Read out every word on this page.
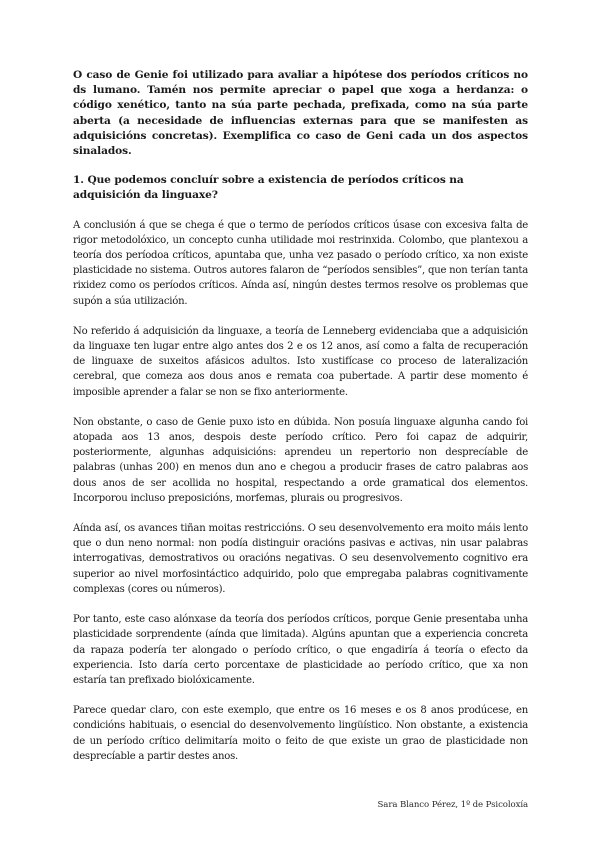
O caso de Genie foi utilizado para avaliar a hipótese dos períodos críticos no ds lumano. Tamén nos permite apreciar o papel que xoga a herdanza: o código xenético, tanto na súa parte pechada, prefixada, como na súa parte aberta (a necesidade de influencias externas para que se manifesten as adquisicións concretas). Exemplifica co caso de Geni cada un dos aspectos sinalados.

1. Que podemos concluír sobre a existencia de períodos críticos na adquisición da linguaxe?

A conclusión á que se chega é que o termo de períodos críticos úsase con excesiva falta de rigor metodolóxico, un concepto cunha utilidade moi restrinxida. Colombo, que plantexou a teoría dos períodoa críticos, apuntaba que, unha vez pasado o período crítico, xa non existe plasticidade no sistema. Outros autores falaron de “períodos sensibles”, que non terían tanta rixidez como os períodos críticos. Aínda así, ningún destes termos resolve os problemas que supón a súa utilización.

No referido á adquisición da linguaxe, a teoría de Lenneberg evidenciaba que a adquisición da linguaxe ten lugar entre algo antes dos 2 e os 12 anos, así como a falta de recuperación de linguaxe de suxeitos afásicos adultos. Isto xustifícase co proceso de lateralización cerebral, que comeza aos dous anos e remata coa pubertade. A partir dese momento é imposible aprender a falar se non se fixo anteriormente.

Non obstante, o caso de Genie puxo isto en dúbida. Non posuía linguaxe algunha cando foi atopada aos 13 anos, despois deste período crítico. Pero foi capaz de adquirir, posteriormente, algunhas adquisicións: aprendeu un repertorio non desprecíable de palabras (unhas 200) en menos dun ano e chegou a producir frases de catro palabras aos dous anos de ser acollida no hospital, respectando a orde gramatical dos elementos. Incorporou incluso preposicións, morfemas, plurais ou progresivos.

Aínda así, os avances tiñan moitas restriccións. O seu desenvolvemento era moito máis lento que o dun neno normal: non podía distinguir oracións pasivas e activas, nin usar palabras interrogativas, demostrativos ou oracións negativas. O seu desenvolvemento cognitivo era superior ao nivel morfosintáctico adquirido, polo que empregaba palabras cognitivamente complexas (cores ou números).

Por tanto, este caso alónxase da teoría dos períodos críticos, porque Genie presentaba unha plasticidade sorprendente (aínda que limitada). Algúns apuntan que a experiencia concreta da rapaza podería ter alongado o período crítico, o que engadiría á teoría o efecto da experiencia. Isto daría certo porcentaxe de plasticidade ao período crítico, que xa non estaría tan prefixado biolóxicamente.

Parece quedar claro, con este exemplo, que entre os 16 meses e os 8 anos prodúcese, en condicións habituais, o esencial do desenvolvemento lingüístico. Non obstante, a existencia de un período crítico delimitaría moito o feito de que existe un grao de plasticidade non desprecíable a partir destes anos.

Sara Blanco Pérez, 1º de Psicoloxía
